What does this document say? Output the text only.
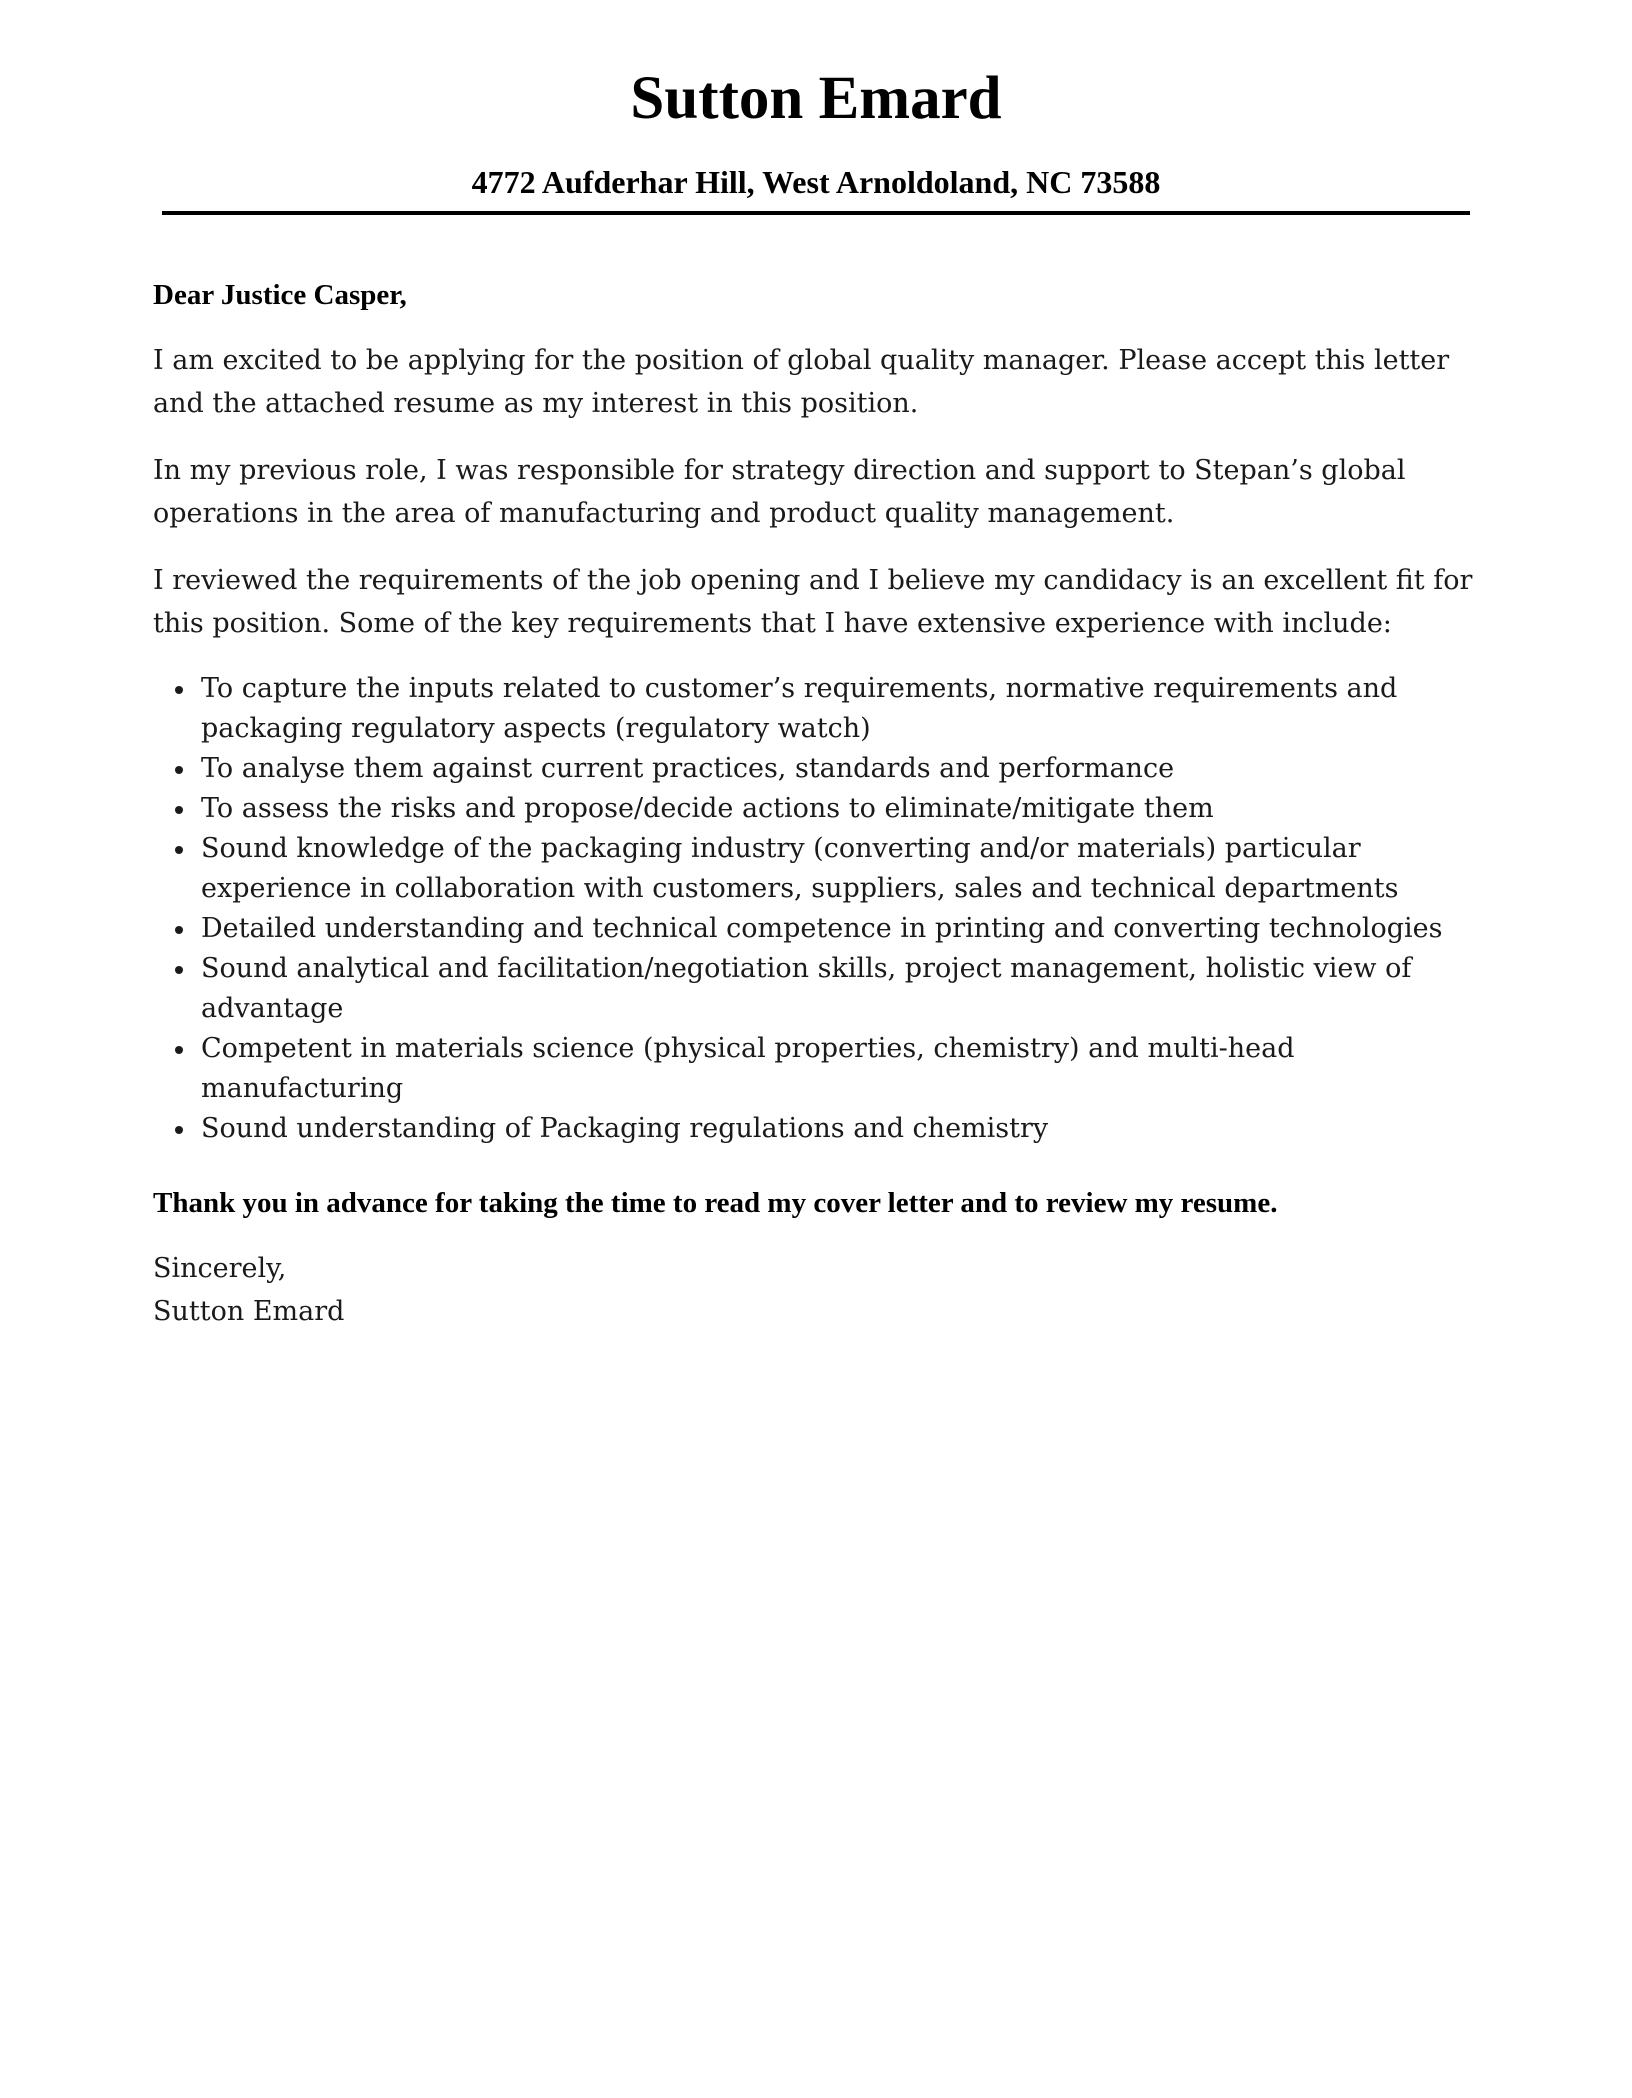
Sutton Emard
4772 Aufderhar Hill, West Arnoldoland, NC 73588

Dear Justice Casper,

I am excited to be applying for the position of global quality manager. Please accept this letter and the attached resume as my interest in this position.

In my previous role, I was responsible for strategy direction and support to Stepan’s global operations in the area of manufacturing and product quality management.

I reviewed the requirements of the job opening and I believe my candidacy is an excellent fit for this position. Some of the key requirements that I have extensive experience with include:

To capture the inputs related to customer’s requirements, normative requirements and packaging regulatory aspects (regulatory watch)
To analyse them against current practices, standards and performance
To assess the risks and propose/decide actions to eliminate/mitigate them
Sound knowledge of the packaging industry (converting and/or materials) particular experience in collaboration with customers, suppliers, sales and technical departments
Detailed understanding and technical competence in printing and converting technologies
Sound analytical and facilitation/negotiation skills, project management, holistic view of advantage
Competent in materials science (physical properties, chemistry) and multi-head manufacturing
Sound understanding of Packaging regulations and chemistry

Thank you in advance for taking the time to read my cover letter and to review my resume.

Sincerely,
Sutton Emard
